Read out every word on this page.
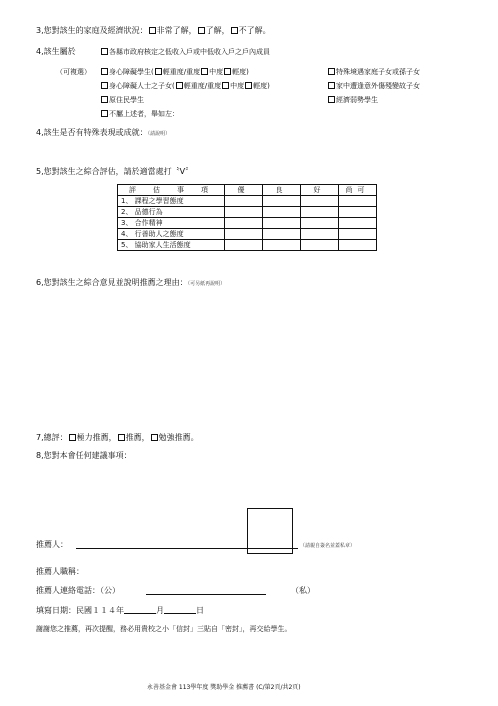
3,您對該生的家庭及經濟狀況： 非常了解， 了解， 不了解。
4,該生屬於	各縣市政府核定之低收入戶或中低收入戶之戶內成員
（可複選）	身心障礙學生( 輕重度/重度 中度 輕度)	特殊境遇家庭子女或孫子女
身心障礙人士之子女( 輕重度/重度 中度 輕度)	家中遭逢意外傷殘變故子女
原住民學生	經濟弱勢學生
不屬上述者，舉如左：
4,該生是否有特殊表現或成就：（請說明）
5,您對該生之綜合評估，請於適當處打〝V〞
評　估　事　項	優	良	好	尚可
1、 課程之學習態度				
2、 品德行為				
3、 合作精神				
4、 行善助人之態度				
5、 協助家人生活態度				
6,您對該生之綜合意見並說明推薦之理由：（可另紙再說明）
7,總評： 極力推薦， 推薦， 勉強推薦。
8,您對本會任何建議事項：
推薦人：	（請親自簽名並蓋私章）
推薦人職稱：
推薦人連絡電話：（公）	（私）
填寫日期：民國１１４年	月	日
謝謝您之推薦，再次提醒，務必用貴校之小「信封」三貼自「密封」，再交給學生。
永善基金會 113學年度 獎助學金 推薦書 (C/第2頁/共2頁)
